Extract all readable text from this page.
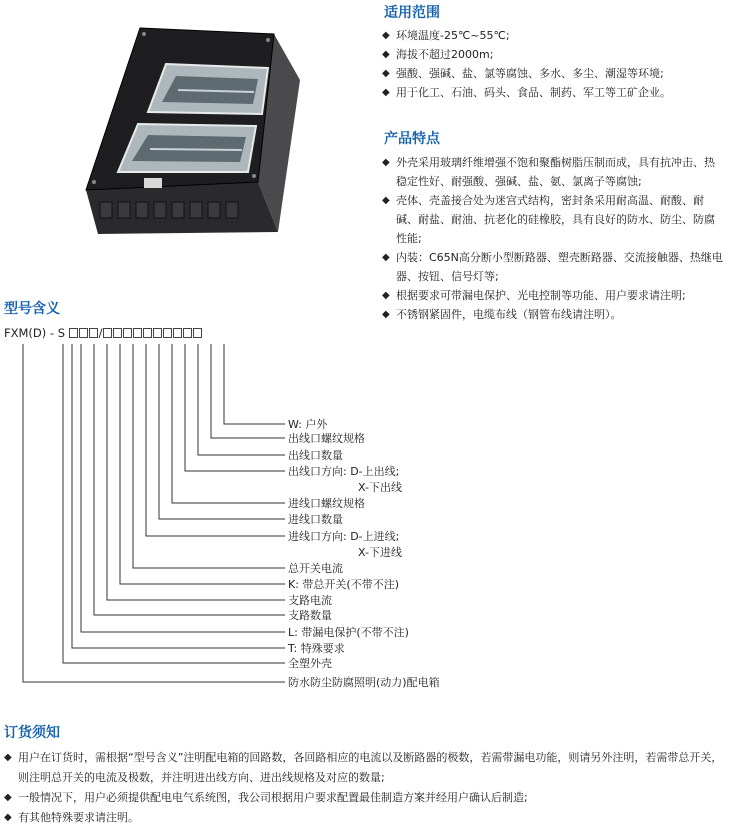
适用范围
◆ 环境温度-25℃~55℃;
◆ 海拔不超过2000m;
◆ 强酸、强碱、盐、氯等腐蚀、多水、多尘、潮湿等环境;
◆ 用于化工、石油、码头、食品、制药、军工等工矿企业。
产品特点
◆ 外壳采用玻璃纤维增强不饱和聚酯树脂压制而成，具有抗冲击、热稳定性好、耐强酸、强碱、盐、氨、氯离子等腐蚀;
◆ 壳体、壳盖接合处为迷宫式结构，密封条采用耐高温、耐酸、耐碱、耐盐、耐油、抗老化的硅橡胶，具有良好的防水、防尘、防腐性能;
◆ 内装：C65N高分断小型断路器、塑壳断路器、交流接触器、热继电器、按钮、信号灯等;
◆ 根据要求可带漏电保护、光电控制等功能、用户要求请注明;
◆ 不锈钢紧固件，电缆布线（钢管布线请注明）。
型号含义
FXM(D) - S	/
W: 户外
出线口螺纹规格
出线口数量
出线口方向: D-上出线;
X-下出线
进线口螺纹规格
进线口数量
进线口方向: D-上进线;
X-下进线
总开关电流
K: 带总开关(不带不注)
支路电流
支路数量
L: 带漏电保护(不带不注)
T: 特殊要求
全塑外壳
防水防尘防腐照明(动力)配电箱
订货须知
◆ 用户在订货时，需根据“型号含义”注明配电箱的回路数，各回路相应的电流以及断路器的极数，若需带漏电功能，则请另外注明，若需带总开关，则注明总开关的电流及极数，并注明进出线方向、进出线规格及对应的数量;
◆ 一般情况下，用户必须提供配电电气系统图，我公司根据用户要求配置最佳制造方案并经用户确认后制造;
◆ 有其他特殊要求请注明。
